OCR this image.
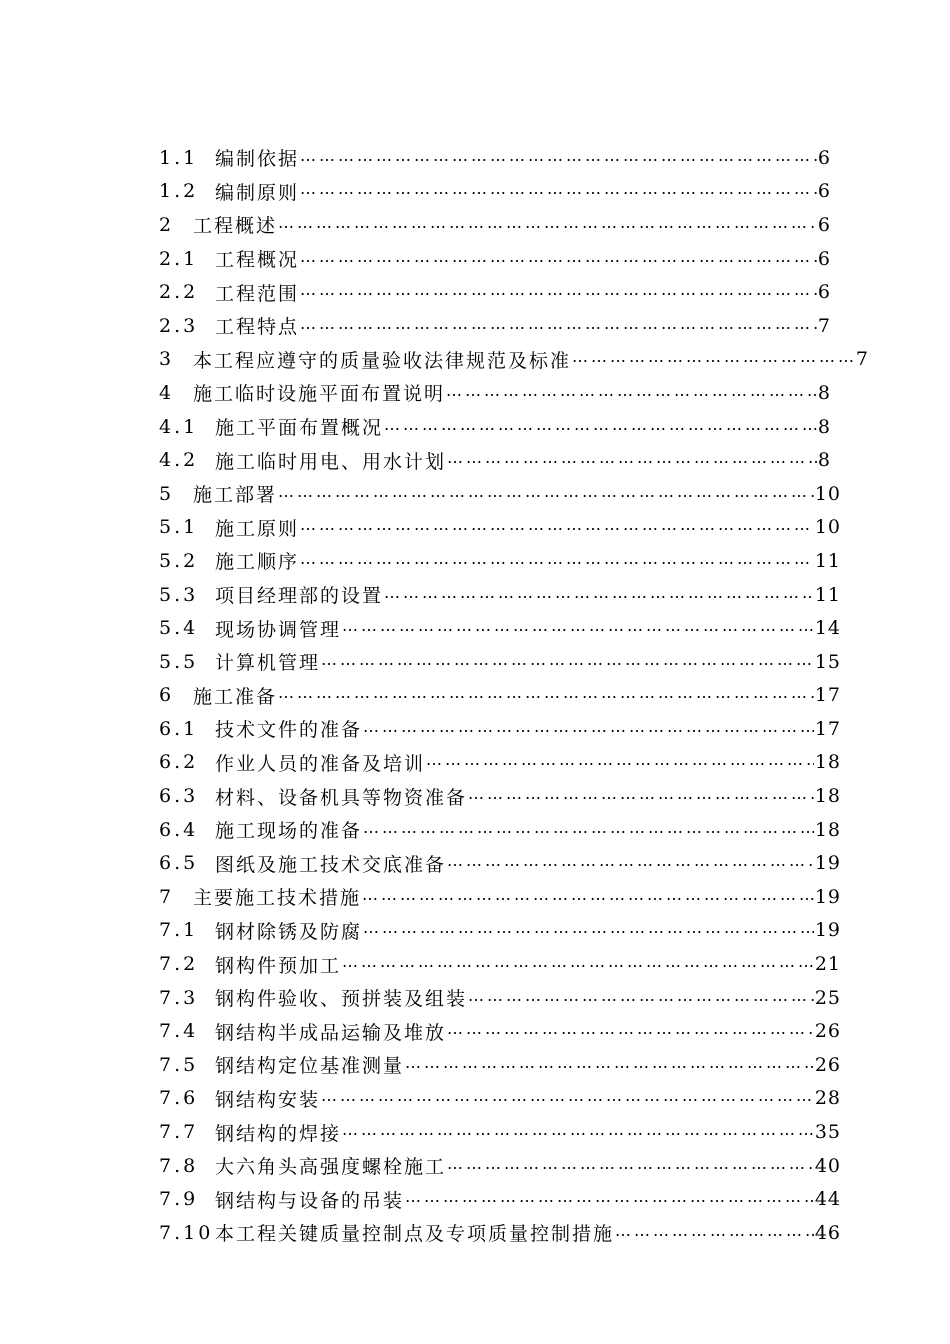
1.1 编制依据 …………………………………………………………………………………………………………………………………………………………………	6
1.2 编制原则 …………………………………………………………………………………………………………………………………………………………………	6
2 工程概述 …………………………………………………………………………………………………………………………………………………………………	6
2.1 工程概况 …………………………………………………………………………………………………………………………………………………………………	6
2.2 工程范围 …………………………………………………………………………………………………………………………………………………………………	6
2.3 工程特点 …………………………………………………………………………………………………………………………………………………………………	7
3 本工程应遵守的质量验收法律规范及标准 …………………………………………………………………………………………………………………………………………………………………	7
4 施工临时设施平面布置说明 …………………………………………………………………………………………………………………………………………………………………	8
4.1 施工平面布置概况 …………………………………………………………………………………………………………………………………………………………………	8
4.2 施工临时用电、用水计划 …………………………………………………………………………………………………………………………………………………………………	8
5 施工部署 …………………………………………………………………………………………………………………………………………………………………	10
5.1 施工原则 …………………………………………………………………………………………………………………………………………………………………	10
5.2 施工顺序 …………………………………………………………………………………………………………………………………………………………………	11
5.3 项目经理部的设置 …………………………………………………………………………………………………………………………………………………………………	11
5.4 现场协调管理 …………………………………………………………………………………………………………………………………………………………………	14
5.5 计算机管理 …………………………………………………………………………………………………………………………………………………………………	15
6 施工准备 …………………………………………………………………………………………………………………………………………………………………	17
6.1 技术文件的准备 …………………………………………………………………………………………………………………………………………………………………	17
6.2 作业人员的准备及培训 …………………………………………………………………………………………………………………………………………………………………	18
6.3 材料、设备机具等物资准备 …………………………………………………………………………………………………………………………………………………………………	18
6.4 施工现场的准备 …………………………………………………………………………………………………………………………………………………………………	18
6.5 图纸及施工技术交底准备 …………………………………………………………………………………………………………………………………………………………………	19
7 主要施工技术措施 …………………………………………………………………………………………………………………………………………………………………	19
7.1 钢材除锈及防腐 …………………………………………………………………………………………………………………………………………………………………	19
7.2 钢构件预加工 …………………………………………………………………………………………………………………………………………………………………	21
7.3 钢构件验收、预拼装及组装 …………………………………………………………………………………………………………………………………………………………………	25
7.4 钢结构半成品运输及堆放 …………………………………………………………………………………………………………………………………………………………………	26
7.5 钢结构定位基准测量 …………………………………………………………………………………………………………………………………………………………………	26
7.6 钢结构安装 …………………………………………………………………………………………………………………………………………………………………	28
7.7 钢结构的焊接 …………………………………………………………………………………………………………………………………………………………………	35
7.8 大六角头高强度螺栓施工 …………………………………………………………………………………………………………………………………………………………………	40
7.9 钢结构与设备的吊装 …………………………………………………………………………………………………………………………………………………………………	44
7.10 本工程关键质量控制点及专项质量控制措施 …………………………………………………………………………………………………………………………………………………………………	46
